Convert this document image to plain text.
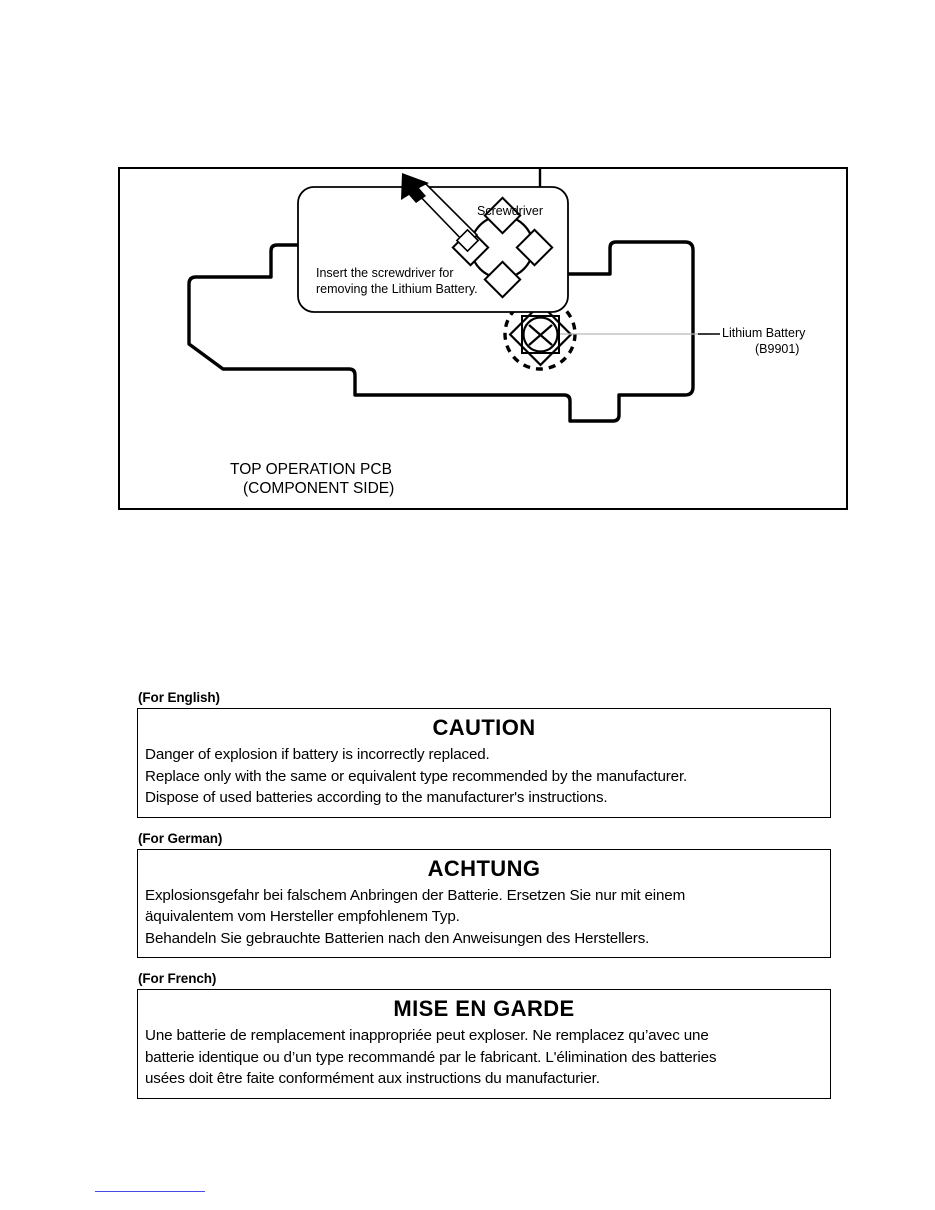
Screwdriver
Insert the screwdriver for
removing the Lithium Battery.
TOP OPERATION PCB
(COMPONENT SIDE)
Lithium Battery
(B9901)
(For English)
CAUTION
Danger of explosion if battery is incorrectly replaced.
Replace only with the same or equivalent type recommended by the manufacturer.
Dispose of used batteries according to the manufacturer's instructions.
(For German)
ACHTUNG
Explosionsgefahr bei falschem Anbringen der Batterie. Ersetzen Sie nur mit einem
äquivalentem vom Hersteller empfohlenem Typ.
Behandeln Sie gebrauchte Batterien nach den Anweisungen des Herstellers.
(For French)
MISE EN GARDE
Une batterie de remplacement inappropriée peut exploser. Ne remplacez qu’avec une
batterie identique ou d’un type recommandé par le fabricant. L'élimination des batteries
usées doit être faite conformément aux instructions du manufacturier.
